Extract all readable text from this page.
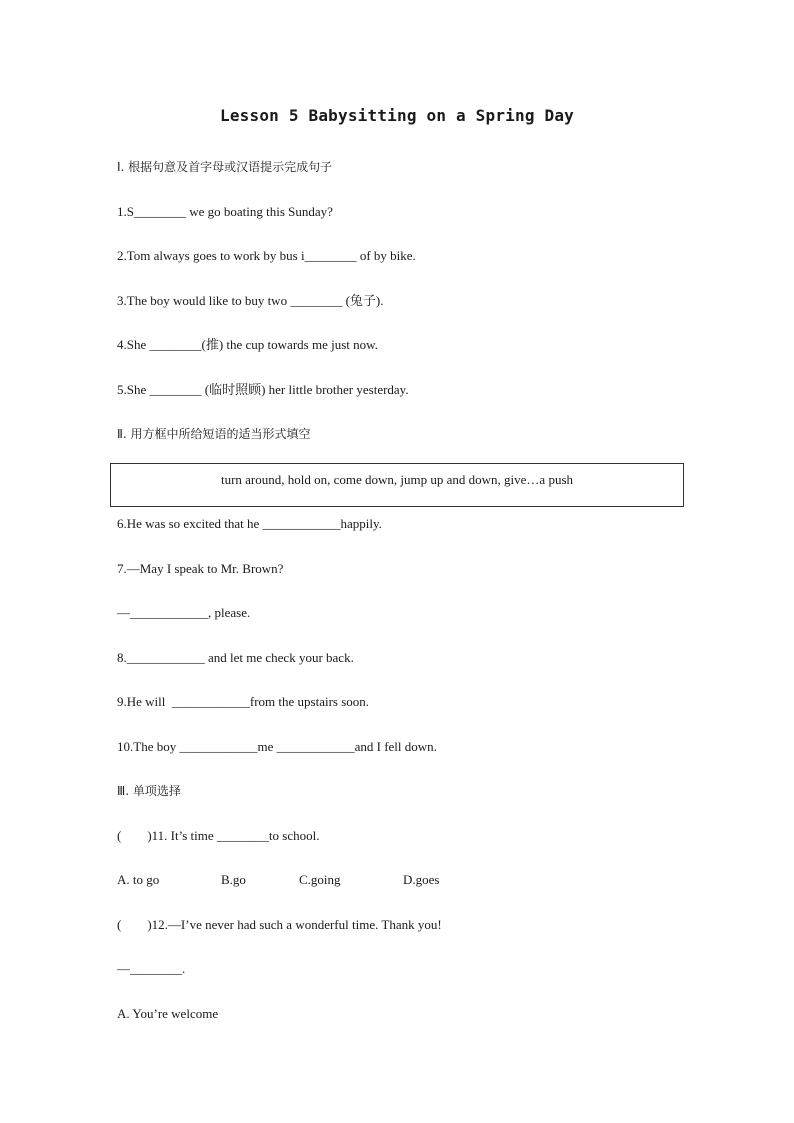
Lesson 5 Babysitting on a Spring Day
Ⅰ. 根据句意及首字母或汉语提示完成句子
1.S________ we go boating this Sunday?
2.Tom always goes to work by bus i________ of by bike.
3.The boy would like to buy two ________ (兔子).
4.She ________(推) the cup towards me just now.
5.She ________ (临时照顾) her little brother yesterday.
Ⅱ. 用方框中所给短语的适当形式填空
turn around, hold on, come down, jump up and down, give…a push
6.He was so excited that he ____________happily.
7.—May I speak to Mr. Brown?
—____________, please.
8.____________ and let me check your back.
9.He will  ____________from the upstairs soon.
10.The boy ____________me ____________and I fell down.
Ⅲ. 单项选择
(        )11. It’s time ________to school.
A. to go	B.go	C.going	D.goes
(        )12.—I’ve never had such a wonderful time. Thank you!
—________.
A. You’re welcome
